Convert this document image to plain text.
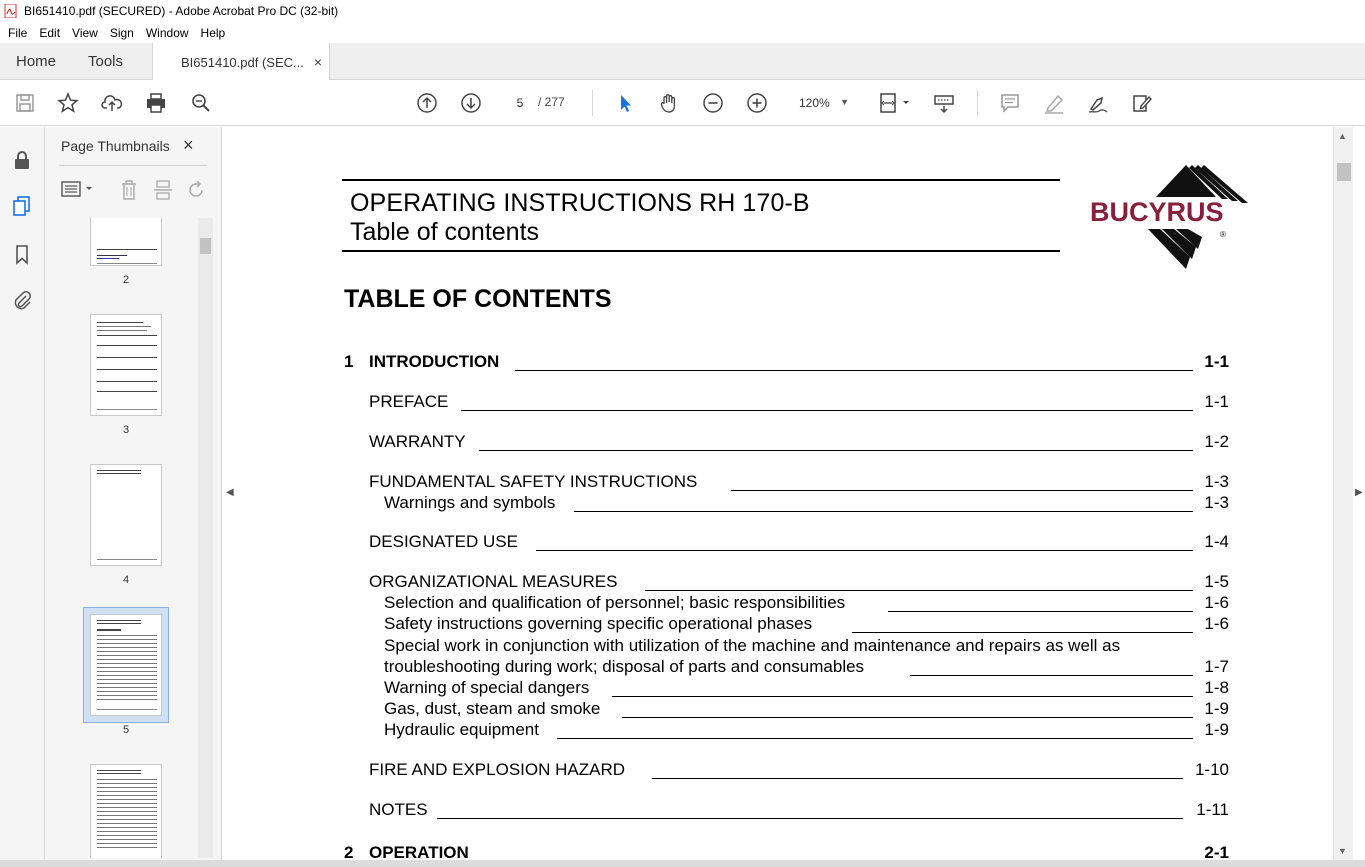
BI651410.pdf (SECURED) - Adobe Acrobat Pro DC (32-bit)
File	Edit	View	Sign	Window	Help
Home Tools	BI651410.pdf (SEC... ×
5	/ 277	120% ▼
Page Thumbnails ×
2
3
4
5
◀
OPERATING INSTRUCTIONS RH 170-B
Table of contents
BUCYRUS
®
TABLE OF CONTENTS
1 INTRODUCTION	1-1
PREFACE	1-1
WARRANTY	1-2
FUNDAMENTAL SAFETY INSTRUCTIONS	1-3
Warnings and symbols	1-3
DESIGNATED USE	1-4
ORGANIZATIONAL MEASURES	1-5
Selection and qualification of personnel; basic responsibilities	1-6
Safety instructions governing specific operational phases	1-6
Special work in conjunction with utilization of the machine and maintenance and repairs as well as
troubleshooting during work; disposal of parts and consumables	1-7
Warning of special dangers	1-8
Gas, dust, steam and smoke	1-9
Hydraulic equipment	1-9
FIRE AND EXPLOSION HAZARD	1-10
NOTES	1-11
2 OPERATION	2-1
▲
▼
▶
